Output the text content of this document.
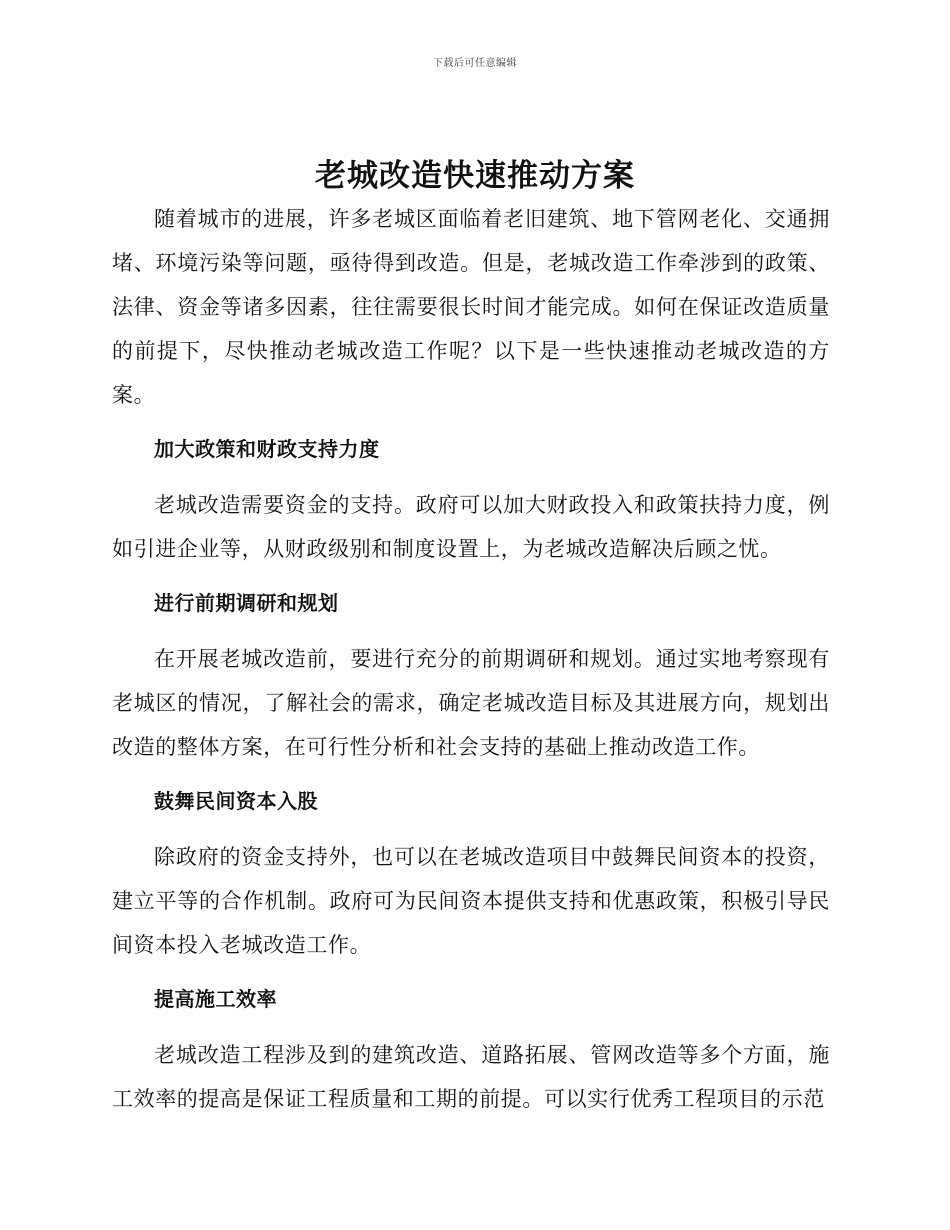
下载后可任意编辑
老城改造快速推动方案

随着城市的进展，许多老城区面临着老旧建筑、地下管网老化、交通拥堵、环境污染等问题，亟待得到改造。但是，老城改造工作牵涉到的政策、法律、资金等诸多因素，往往需要很长时间才能完成。如何在保证改造质量的前提下，尽快推动老城改造工作呢？以下是一些快速推动老城改造的方案。

加大政策和财政支持力度

老城改造需要资金的支持。政府可以加大财政投入和政策扶持力度，例如引进企业等，从财政级别和制度设置上，为老城改造解决后顾之忧。

进行前期调研和规划

在开展老城改造前，要进行充分的前期调研和规划。通过实地考察现有老城区的情况，了解社会的需求，确定老城改造目标及其进展方向，规划出改造的整体方案，在可行性分析和社会支持的基础上推动改造工作。

鼓舞民间资本入股

除政府的资金支持外，也可以在老城改造项目中鼓舞民间资本的投资，建立平等的合作机制。政府可为民间资本提供支持和优惠政策，积极引导民间资本投入老城改造工作。

提高施工效率

老城改造工程涉及到的建筑改造、道路拓展、管网改造等多个方面，施工效率的提高是保证工程质量和工期的前提。可以实行优秀工程项目的示范
